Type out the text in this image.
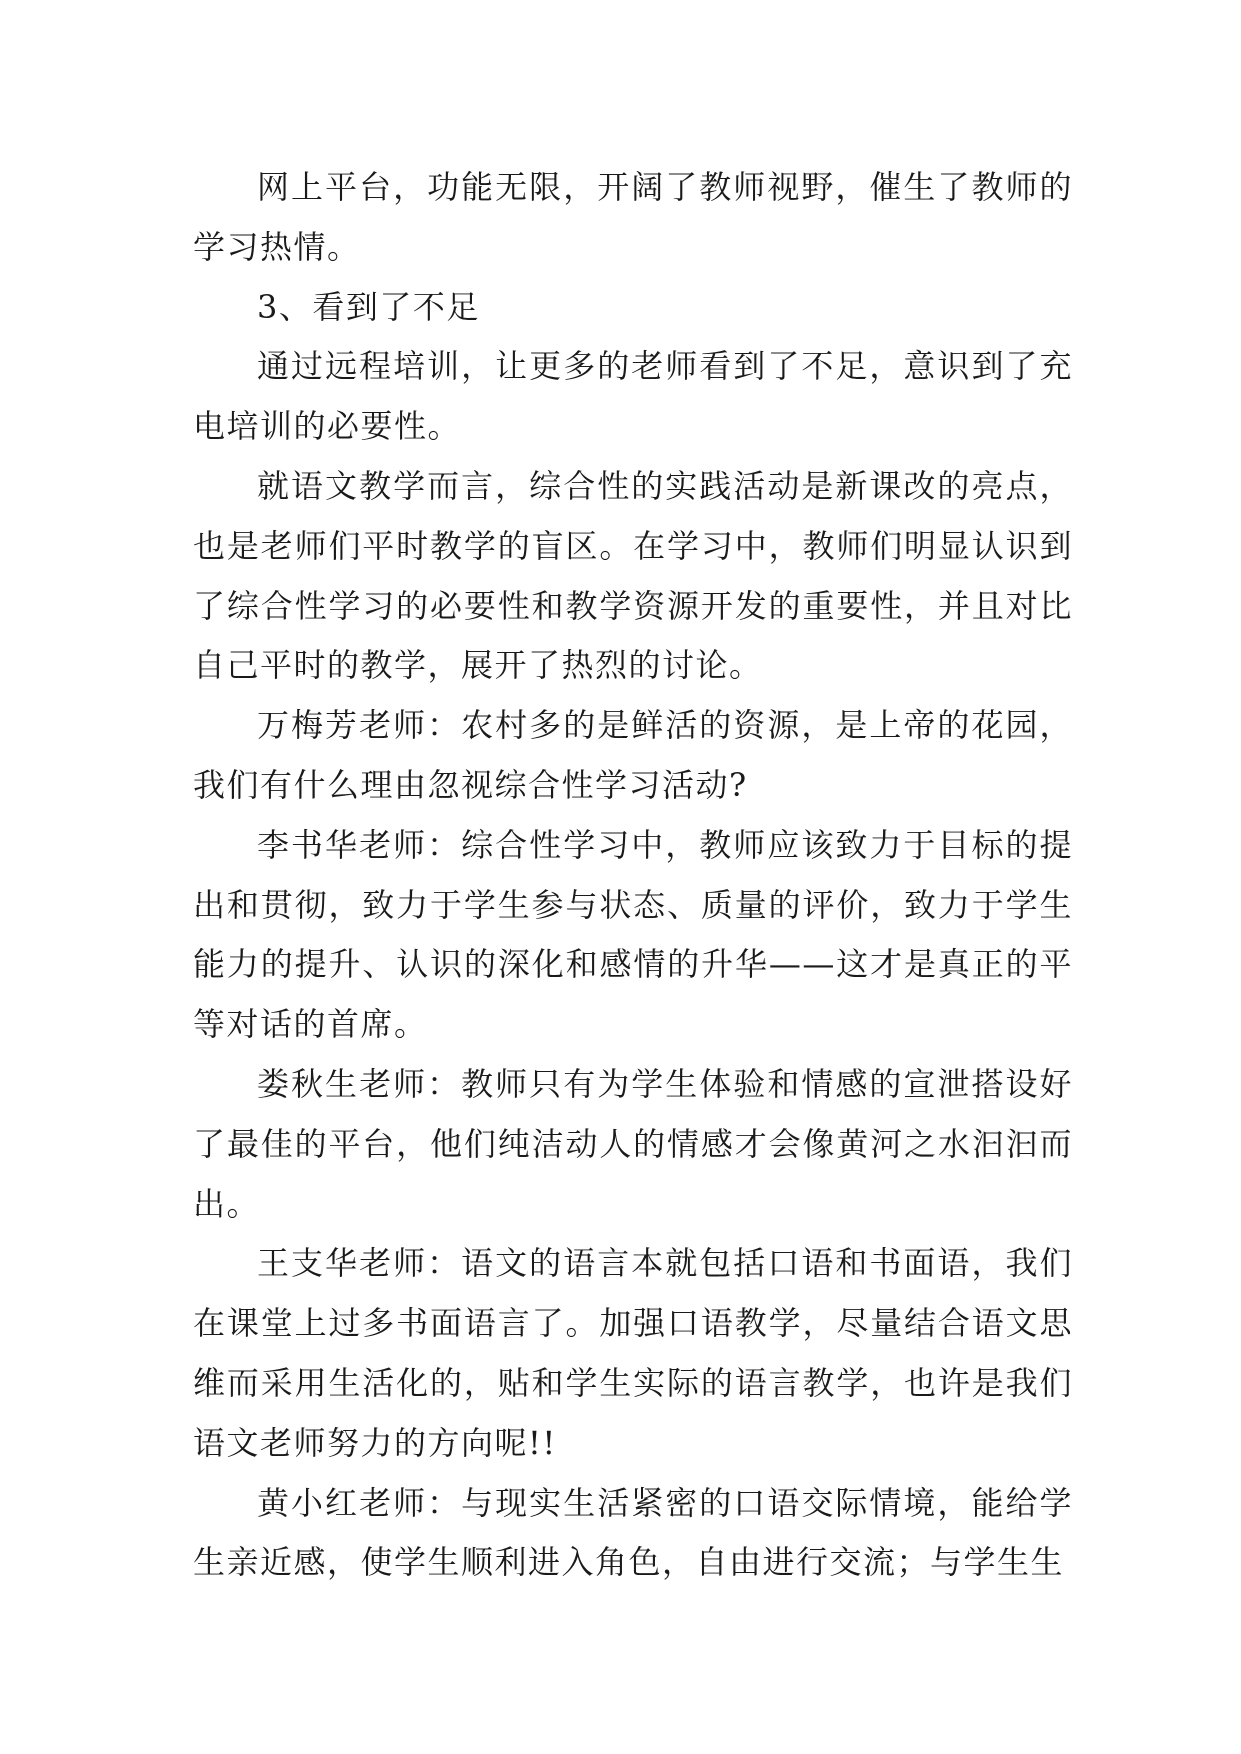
网上平台，功能无限，开阔了教师视野，催生了教师的学习热情。

3、看到了不足

通过远程培训，让更多的老师看到了不足，意识到了充电培训的必要性。

就语文教学而言，综合性的实践活动是新课改的亮点，也是老师们平时教学的盲区。在学习中，教师们明显认识到了综合性学习的必要性和教学资源开发的重要性，并且对比自己平时的教学，展开了热烈的讨论。

万梅芳老师：农村多的是鲜活的资源，是上帝的花园，我们有什么理由忽视综合性学习活动?

李书华老师：综合性学习中，教师应该致力于目标的提出和贯彻，致力于学生参与状态、质量的评价，致力于学生能力的提升、认识的深化和感情的升华——这才是真正的平等对话的首席。

娄秋生老师：教师只有为学生体验和情感的宣泄搭设好了最佳的平台，他们纯洁动人的情感才会像黄河之水汩汩而出。

王支华老师：语文的语言本就包括口语和书面语，我们在课堂上过多书面语言了。加强口语教学，尽量结合语文思维而采用生活化的，贴和学生实际的语言教学，也许是我们语文老师努力的方向呢!!

黄小红老师：与现实生活紧密的口语交际情境，能给学生亲近感，使学生顺利进入角色，自由进行交流；与学生生
